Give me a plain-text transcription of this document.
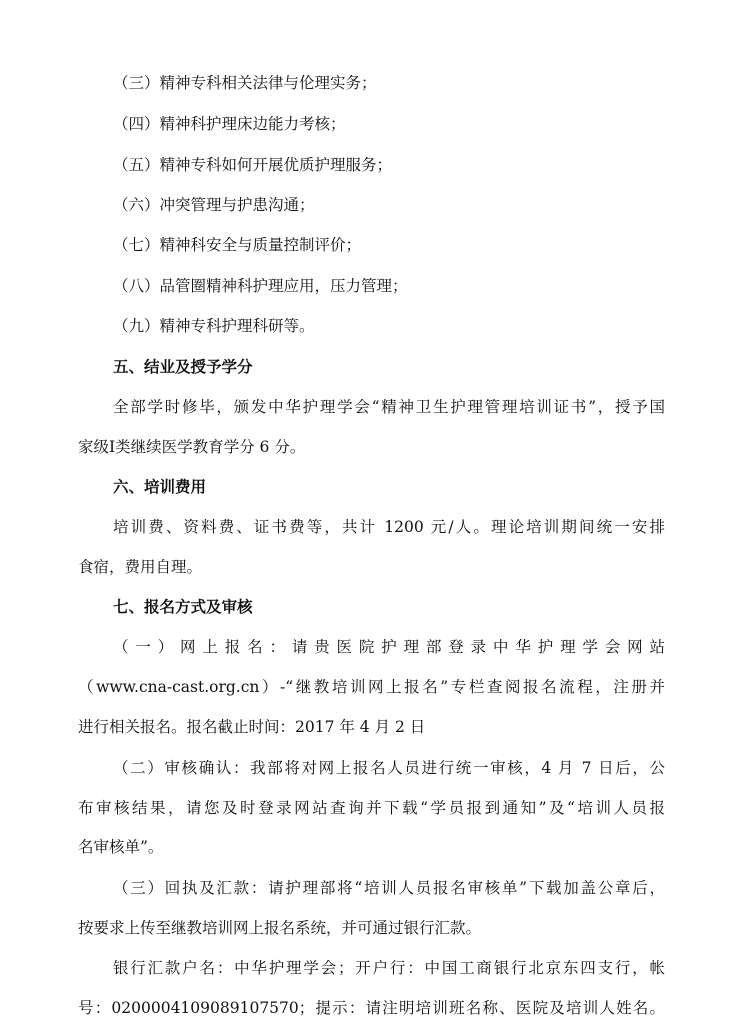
（三）精神专科相关法律与伦理实务；
（四）精神科护理床边能力考核；
（五）精神专科如何开展优质护理服务；
（六）冲突管理与护患沟通；
（七）精神科安全与质量控制评价；
（八）品管圈精神科护理应用，压力管理；
（九）精神专科护理科研等。
五、结业及授予学分
全部学时修毕，颁发中华护理学会“精神卫生护理管理培训证书”，授予国
家级Ⅰ类继续医学教育学分 6 分。
六、培训费用
培训费、资料费、证书费等，共计 1200 元/人。理论培训期间统一安排
食宿，费用自理。
七、报名方式及审核
（一）网上报名：请贵医院护理部登录中华护理学会网站
（www.cna-cast.org.cn）-“继教培训网上报名”专栏查阅报名流程，注册并
进行相关报名。报名截止时间：2017 年 4 月 2 日
（二）审核确认：我部将对网上报名人员进行统一审核，4 月 7 日后，公
布审核结果，请您及时登录网站查询并下载“学员报到通知”及“培训人员报
名审核单”。
（三）回执及汇款：请护理部将“培训人员报名审核单”下载加盖公章后，
按要求上传至继教培训网上报名系统，并可通过银行汇款。
银行汇款户名：中华护理学会；开户行：中国工商银行北京东四支行，帐
号：0200004109089107570；提示：请注明培训班名称、医院及培训人姓名。
